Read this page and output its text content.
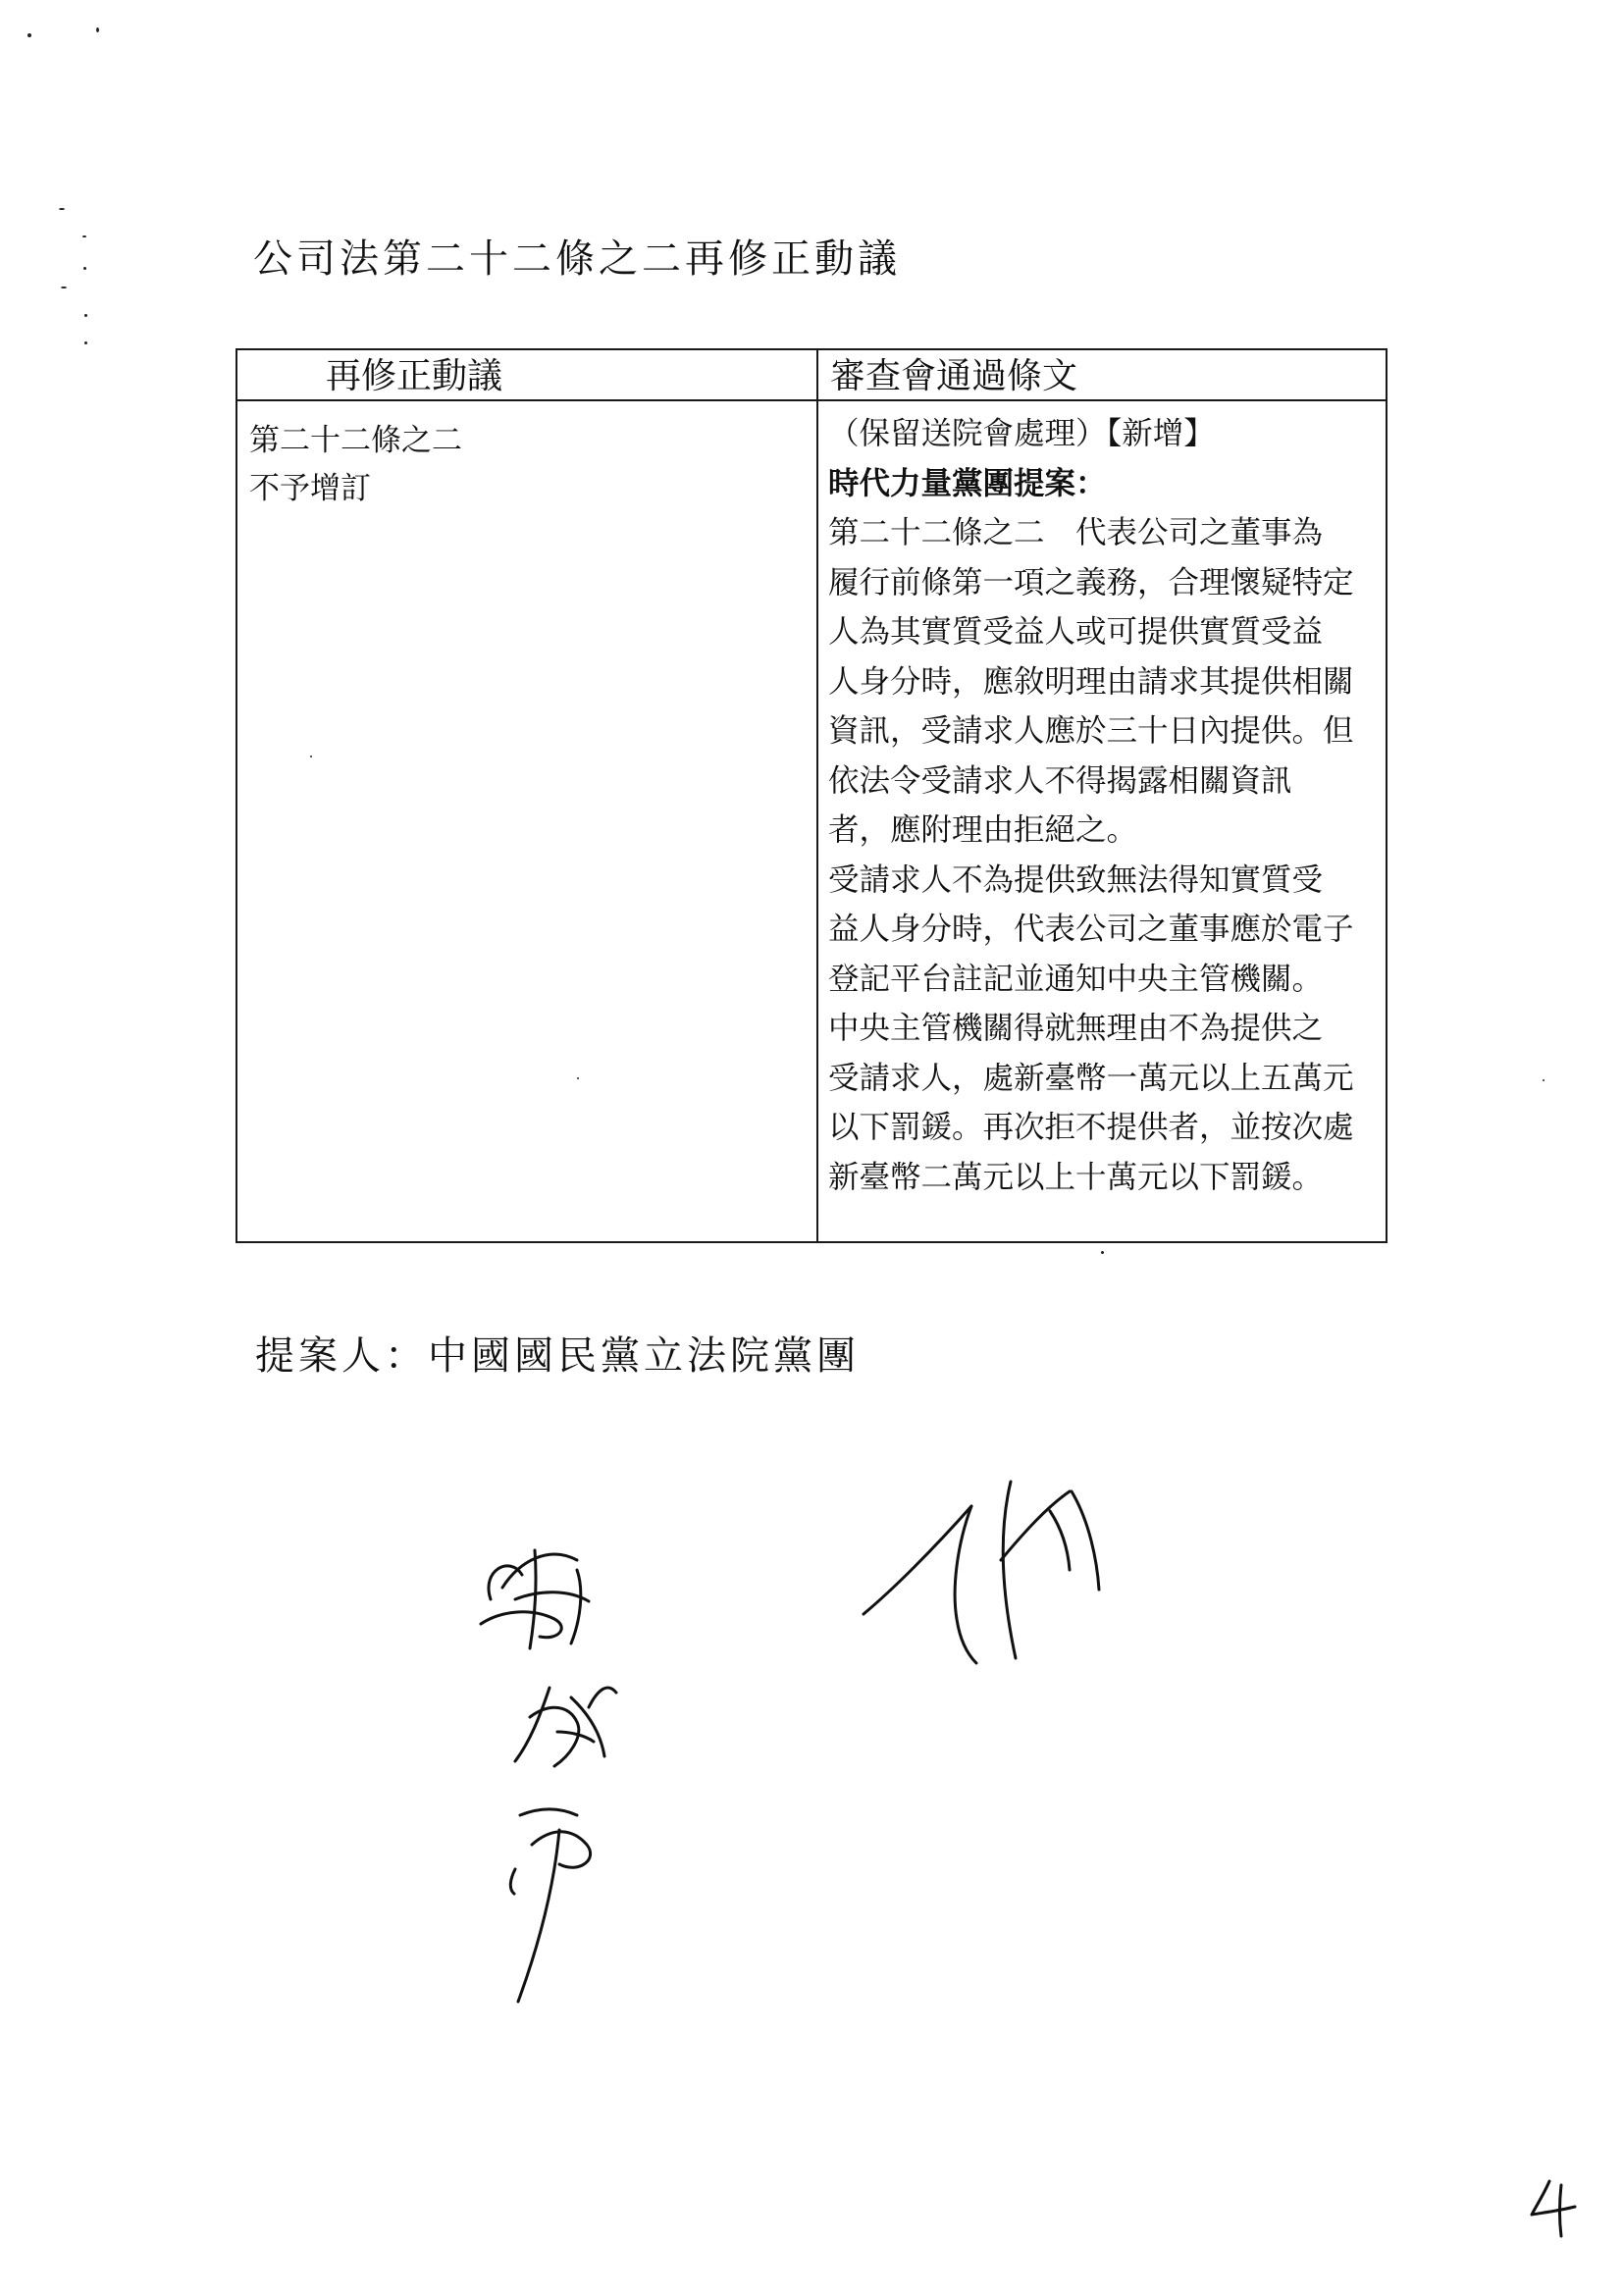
公司法第二十二條之二再修正動議
再修正動議	審查會通過條文
第二十二條之二
不予增訂
（保留送院會處理）【新增】
時代力量黨團提案：
第二十二條之二　代表公司之董事為
履行前條第一項之義務，合理懷疑特定
人為其實質受益人或可提供實質受益
人身分時，應敘明理由請求其提供相關
資訊，受請求人應於三十日內提供。但
依法令受請求人不得揭露相關資訊
者，應附理由拒絕之。
受請求人不為提供致無法得知實質受
益人身分時，代表公司之董事應於電子
登記平台註記並通知中央主管機關。
中央主管機關得就無理由不為提供之
受請求人，處新臺幣一萬元以上五萬元
以下罰鍰。再次拒不提供者，並按次處
新臺幣二萬元以上十萬元以下罰鍰。
提案人：中國國民黨立法院黨團
